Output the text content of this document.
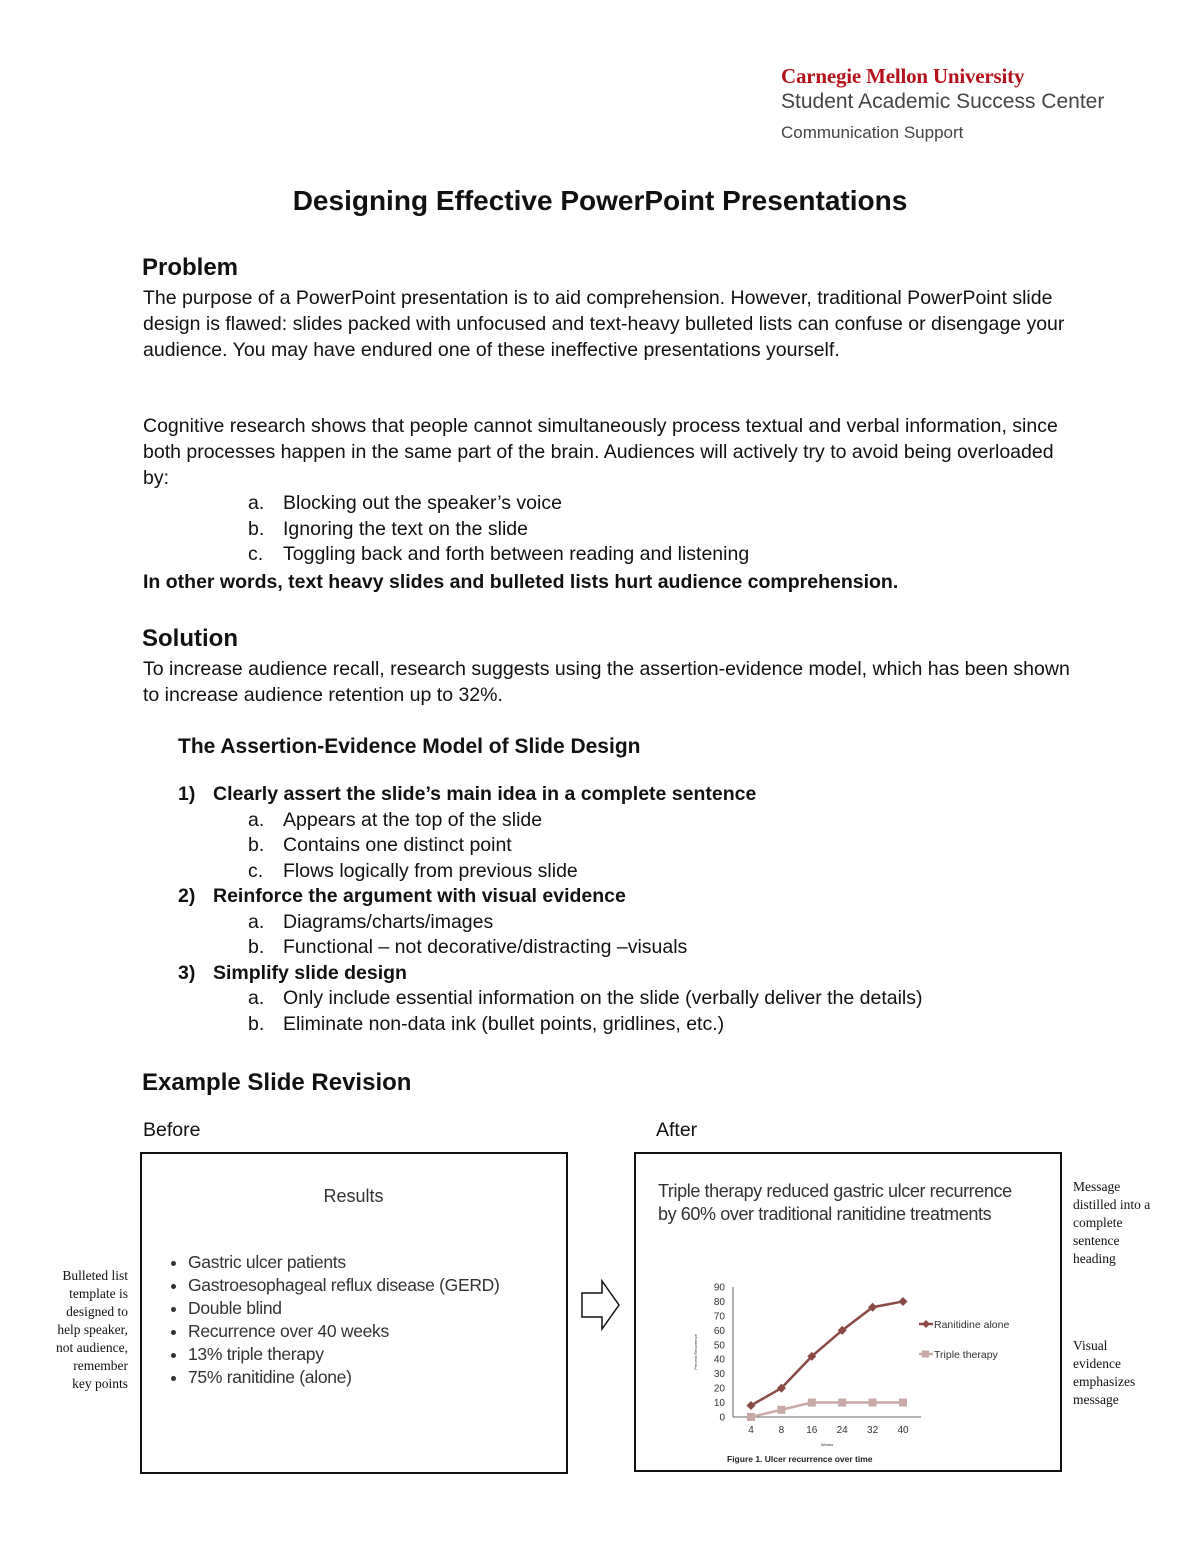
Carnegie Mellon University
Student Academic Success Center
Communication Support
Designing Effective PowerPoint Presentations
Problem
The purpose of a PowerPoint presentation is to aid comprehension. However, traditional PowerPoint slide design is flawed: slides packed with unfocused and text-heavy bulleted lists can confuse or disengage your audience. You may have endured one of these ineffective presentations yourself.
Cognitive research shows that people cannot simultaneously process textual and verbal information, since both processes happen in the same part of the brain. Audiences will actively try to avoid being overloaded by:
a. Blocking out the speaker’s voice
b. Ignoring the text on the slide
c. Toggling back and forth between reading and listening
In other words, text heavy slides and bulleted lists hurt audience comprehension.
Solution
To increase audience recall, research suggests using the assertion-evidence model, which has been shown to increase audience retention up to 32%.
The Assertion-Evidence Model of Slide Design
1) Clearly assert the slide’s main idea in a complete sentence
a. Appears at the top of the slide
b. Contains one distinct point
c. Flows logically from previous slide
2) Reinforce the argument with visual evidence
a. Diagrams/charts/images
b. Functional – not decorative/distracting –visuals
3) Simplify slide design
a. Only include essential information on the slide (verbally deliver the details)
b. Eliminate non-data ink (bullet points, gridlines, etc.)
Example Slide Revision
Before	After
Results
• Gastric ulcer patients
• Gastroesophageal reflux disease (GERD)
• Double blind
• Recurrence over 40 weeks
• 13% triple therapy
• 75% ranitidine (alone)
Triple therapy reduced gastric ulcer recurrence
by 60% over traditional ranitidine treatments
0
10
20
30
40
50
60
70
80
90
4 8 16 24 32 40
Weeks
Percent Recurrence
Ranitidine alone
Triple therapy
Figure 1. Ulcer recurrence over time
Bulleted list
template is
designed to
help speaker,
not audience,
remember
key points
Message
distilled into a
complete
sentence
heading
Visual
evidence
emphasizes
message
